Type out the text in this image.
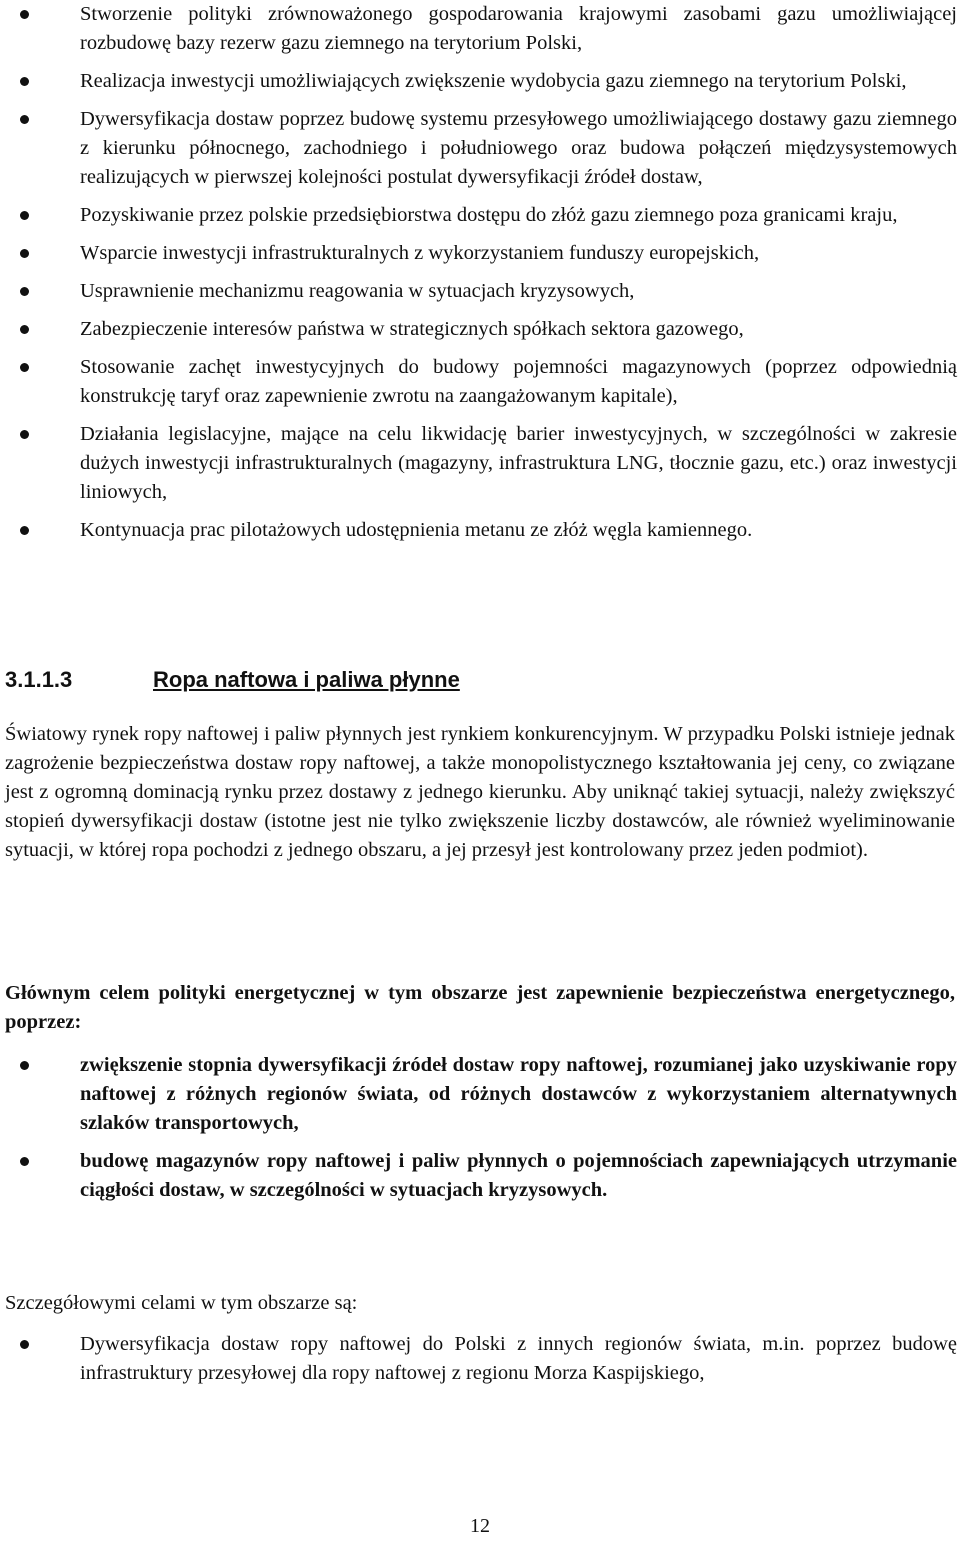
Stworzenie polityki zrównoważonego gospodarowania krajowymi zasobami gazu umożliwiającej rozbudowę bazy rezerw gazu ziemnego na terytorium Polski,
Realizacja inwestycji umożliwiających zwiększenie wydobycia gazu ziemnego na terytorium Polski,
Dywersyfikacja dostaw poprzez budowę systemu przesyłowego umożliwiającego dostawy gazu ziemnego z kierunku północnego, zachodniego i południowego oraz budowa połączeń międzysystemowych realizujących w pierwszej kolejności postulat dywersyfikacji źródeł dostaw,
Pozyskiwanie przez polskie przedsiębiorstwa dostępu do złóż gazu ziemnego poza granicami kraju,
Wsparcie inwestycji infrastrukturalnych z wykorzystaniem funduszy europejskich,
Usprawnienie mechanizmu reagowania w sytuacjach kryzysowych,
Zabezpieczenie interesów państwa w strategicznych spółkach sektora gazowego,
Stosowanie zachęt inwestycyjnych do budowy pojemności magazynowych (poprzez odpowiednią konstrukcję taryf oraz zapewnienie zwrotu na zaangażowanym kapitale),
Działania legislacyjne, mające na celu likwidację barier inwestycyjnych, w szczególności w zakresie dużych inwestycji infrastrukturalnych (magazyny, infrastruktura LNG, tłocznie gazu, etc.) oraz inwestycji liniowych,
Kontynuacja prac pilotażowych udostępnienia metanu ze złóż węgla kamiennego.
3.1.1.3	Ropa naftowa i paliwa płynne

Światowy rynek ropy naftowej i paliw płynnych jest rynkiem konkurencyjnym. W przypadku Polski istnieje jednak zagrożenie bezpieczeństwa dostaw ropy naftowej, a także monopolistycznego kształtowania jej ceny, co związane jest z ogromną dominacją rynku przez dostawy z jednego kierunku. Aby uniknąć takiej sytuacji, należy zwiększyć stopień dywersyfikacji dostaw (istotne jest nie tylko zwiększenie liczby dostawców, ale również wyeliminowanie sytuacji, w której ropa pochodzi z jednego obszaru, a jej przesył jest kontrolowany przez jeden podmiot).

Głównym celem polityki energetycznej w tym obszarze jest zapewnienie bezpieczeństwa energetycznego, poprzez:

zwiększenie stopnia dywersyfikacji źródeł dostaw ropy naftowej, rozumianej jako uzyskiwanie ropy naftowej z różnych regionów świata, od różnych dostawców z wykorzystaniem alternatywnych szlaków transportowych,
budowę magazynów ropy naftowej i paliw płynnych o pojemnościach zapewniających utrzymanie ciągłości dostaw, w szczególności w sytuacjach kryzysowych.

Szczegółowymi celami w tym obszarze są:

Dywersyfikacja dostaw ropy naftowej do Polski z innych regionów świata, m.in. poprzez budowę infrastruktury przesyłowej dla ropy naftowej z regionu Morza Kaspijskiego,
12
